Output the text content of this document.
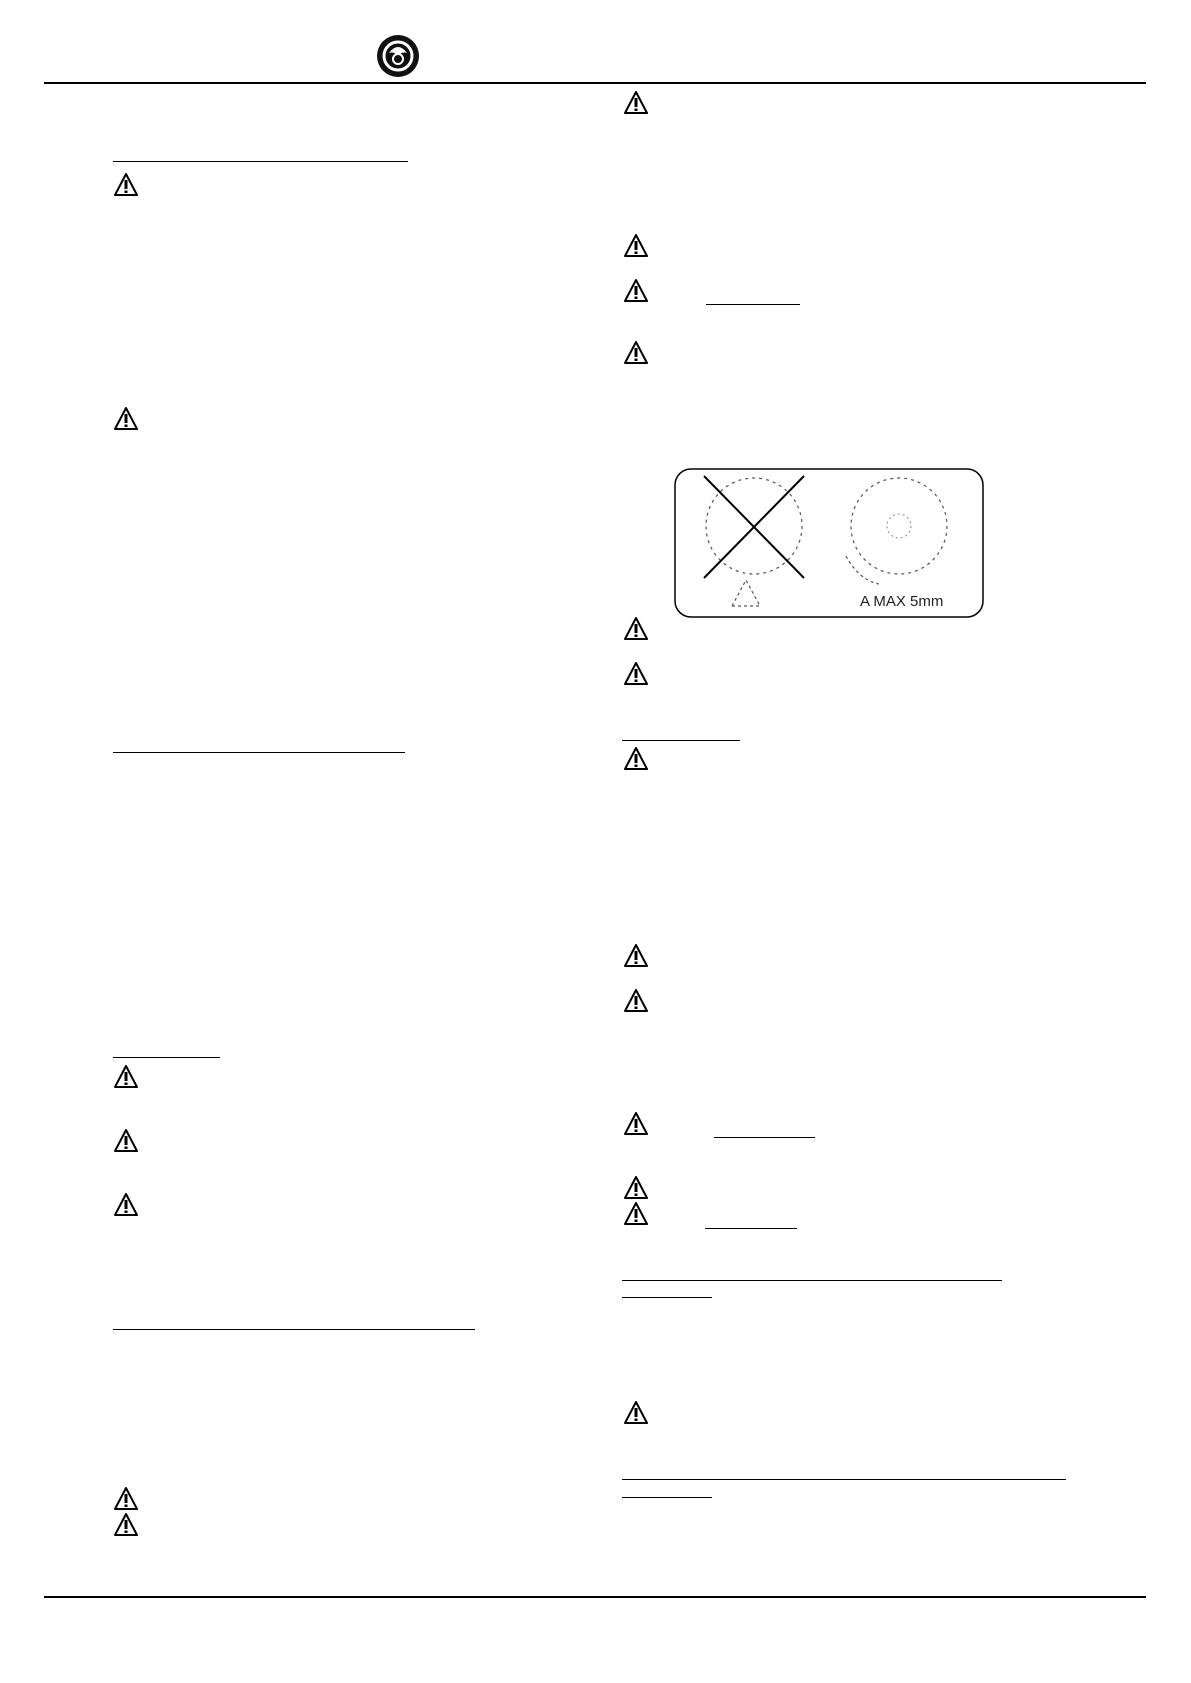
A MAX 5mm
